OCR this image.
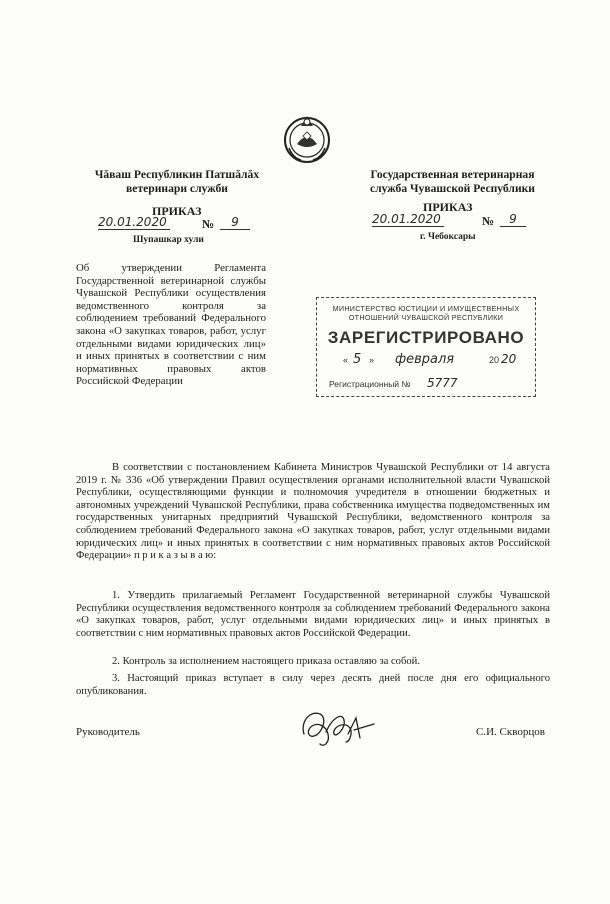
Чăваш Республикин Патшăлăх
ветеринари служби
ПРИКАЗ
20.01.2020	№	9
Шупашкар хули
Государственная ветеринарная
служба Чувашской Республики
ПРИКАЗ
20.01.2020	№	9
г. Чебоксары
Об утверждении Регламента Государственной ветеринарной службы Чувашской Республики осуществления ведомственного контроля за соблюдением требований Федерального закона «О закупках товаров, работ, услуг отдельными видами юридических лиц» и иных принятых в соответствии с ним нормативных правовых актов Российской Федерации
МИНИСТЕРСТВО ЮСТИЦИИ И ИМУЩЕСТВЕННЫХ
ОТНОШЕНИЙ ЧУВАШСКОЙ РЕСПУБЛИКИ
ЗАРЕГИСТРИРОВАНО
« 5 » февраля	20 20
Регистрационный № 5777
В соответствии с постановлением Кабинета Министров Чувашской Республики от 14 августа 2019 г. № 336 «Об утверждении Правил осуществления органами исполнительной власти Чувашской Республики, осуществляющими функции и полномочия учредителя в отношении бюджетных и автономных учреждений Чувашской Республики, права собственника имущества подведомственных им государственных унитарных предприятий Чувашской Республики, ведомственного контроля за соблюдением требований Федерального закона «О закупках товаров, работ, услуг отдельными видами юридических лиц» и иных принятых в соответствии с ним нормативных правовых актов Российской Федерации» п р и к а з ы в а ю:
1. Утвердить прилагаемый Регламент Государственной ветеринарной службы Чувашской Республики осуществления ведомственного контроля за соблюдением требований Федерального закона «О закупках товаров, работ, услуг отдельными видами юридических лиц» и иных принятых в соответствии с ним нормативных правовых актов Российской Федерации.
2. Контроль за исполнением настоящего приказа оставляю за собой.
3. Настоящий приказ вступает в силу через десять дней после дня его официального опубликования.
Руководитель	С.И. Скворцов
